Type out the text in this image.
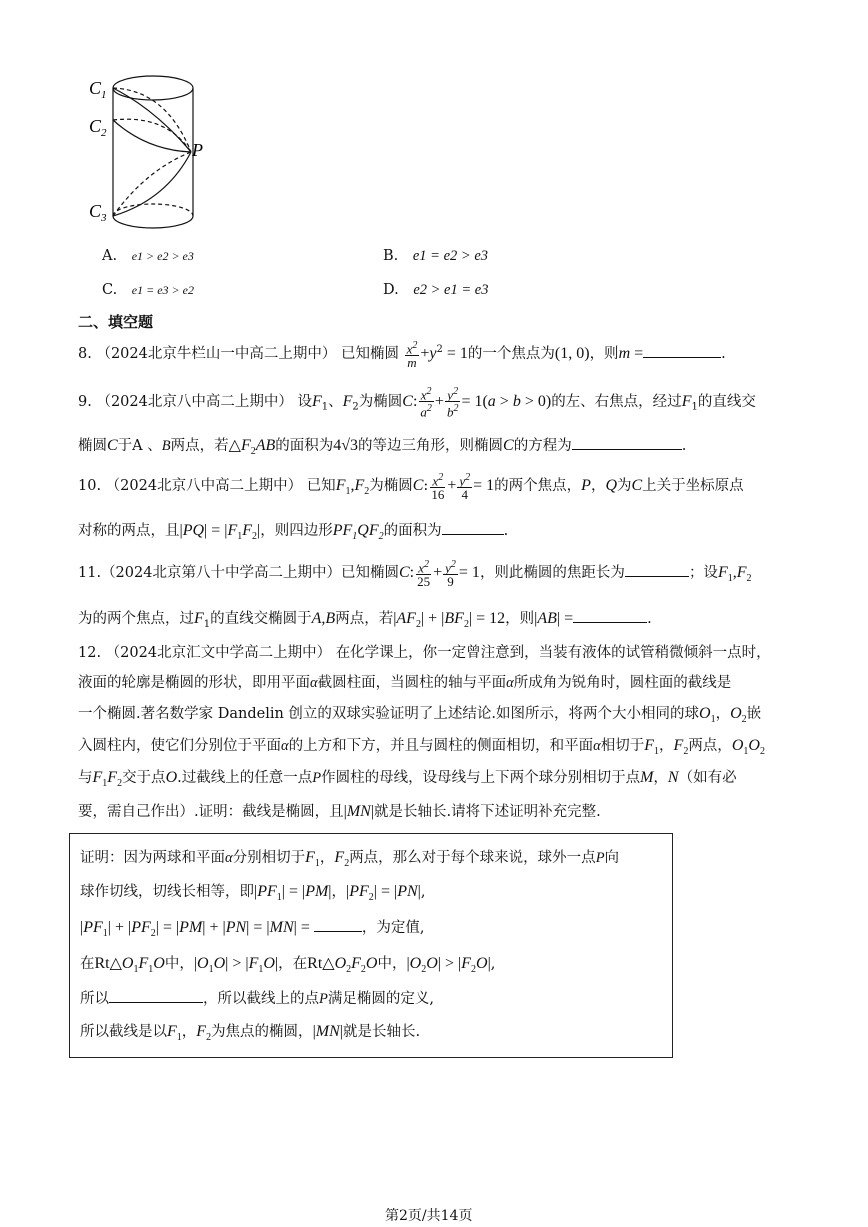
$C_1$
$C_2$
$C_3$
P
A. e1 > e2 > e3	B. e1 = e2 > e3
C. e1 = e3 > e2	D. e2 > e1 = e3
二、填空题
8. （2024北京牛栏山一中高二上期中） 已知椭圆 $\frac{x^2}{m} +y^2 = 1$的一个焦点为(1, 0)，则m =	.
9. （2024北京八中高二上期中） 设$F_1$、$F_2$为椭圆C: $\frac{x^2}{a^2} + \frac{y^2}{b^2} = 1(a > b > 0)$的左、右焦点，经过$F_1$的直线交
椭圆C于A 、B两点，若$\triangle F_2AB$的面积为4√3的等边三角形，则椭圆C的方程为	.
10. （2024北京八中高二上期中） 已知$F_1,F_2$为椭圆C: $\frac{x^2}{16} + \frac{y^2}{4} = 1$的两个焦点，P，Q为C上关于坐标原点
对称的两点，且$|PQ| = |F_1F_2|$，则四边形$PF_1QF_2$的面积为	.
11.（2024北京第八十中学高二上期中）已知椭圆C: $\frac{x^2}{25} + \frac{y^2}{9} = 1$，则此椭圆的焦距长为	；设$F_1,F_2$
为的两个焦点，过$F_1$的直线交椭圆于A,B两点，若$|AF_2| + |BF_2| = 12$，则|AB| =	.
12. （2024北京汇文中学高二上期中） 在化学课上，你一定曾注意到，当装有液体的试管稍微倾斜一点时，
液面的轮廓是椭圆的形状，即用平面α截圆柱面，当圆柱的轴与平面α所成角为锐角时，圆柱面的截线是
一个椭圆.著名数学家 Dandelin 创立的双球实验证明了上述结论.如图所示，将两个大小相同的球$O_1$，$O_2$嵌
入圆柱内，使它们分别位于平面α的上方和下方，并且与圆柱的侧面相切，和平面α相切于$F_1$，$F_2$两点，$O_1O_2$
与$F_1F_2$交于点O.过截线上的任意一点P作圆柱的母线，设母线与上下两个球分别相切于点M，N（如有必
要，需自己作出）.证明：截线是椭圆，且|MN|就是长轴长.请将下述证明补充完整.
证明：因为两球和平面α分别相切于$F_1$，$F_2$两点，那么对于每个球来说，球外一点P向
球作切线，切线长相等，即$|PF_1| = |PM|$，$|PF_2| = |PN|$,
$|PF_1| + |PF_2| = |PM| + |PN| = |MN|$ =	，为定值,
在$Rt\triangle O_1F_1O$中，$|O_1O| > |F_1O|$，在$Rt\triangle O_2F_2O$中，$|O_2O| > |F_2O|$,
所以	，所以截线上的点P满足椭圆的定义,
所以截线是以$F_1$，$F_2$为焦点的椭圆，|MN|就是长轴长.
第2页/共14页
